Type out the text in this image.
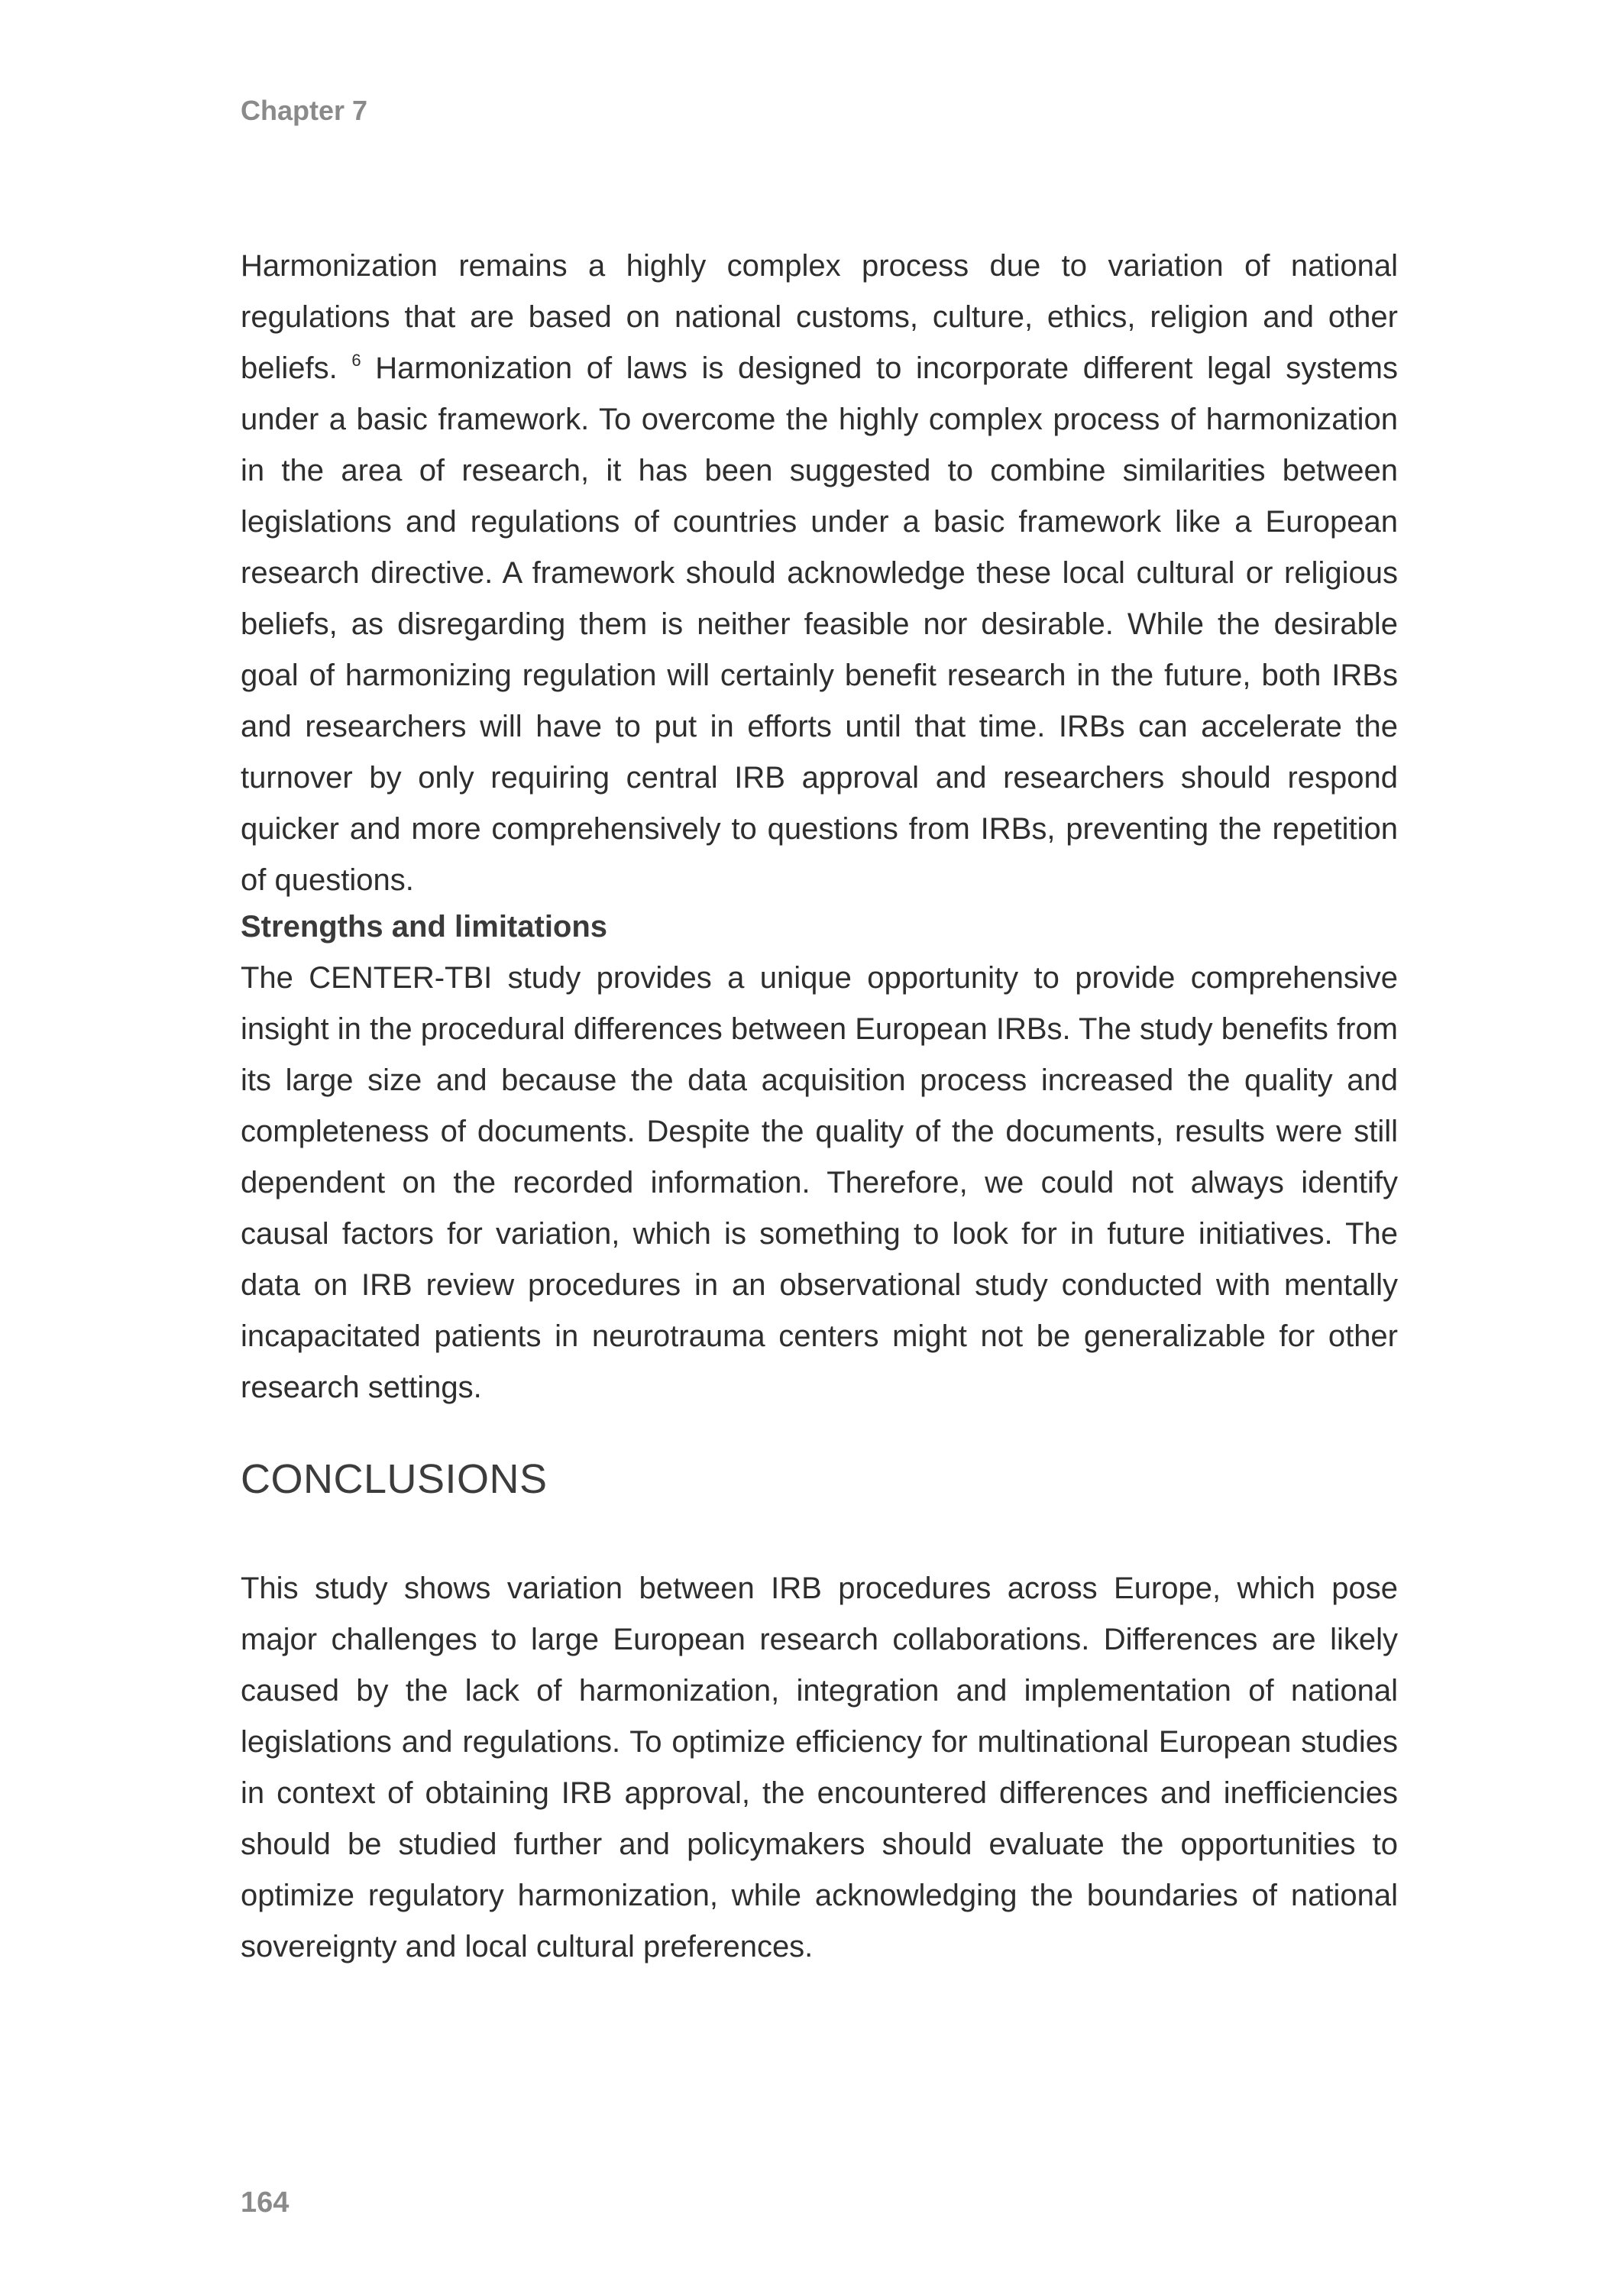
Chapter 7

Harmonization remains a highly complex process due to variation of national regulations that are based on national customs, culture, ethics, religion and other beliefs. $^6$ Harmonization of laws is designed to incorporate different legal systems under a basic framework. To overcome the highly complex process of harmonization in the area of research, it has been suggested to combine similarities between legislations and regulations of countries under a basic framework like a European research directive. A framework should acknowledge these local cultural or religious beliefs, as disregarding them is neither feasible nor desirable. While the desirable goal of harmonizing regulation will certainly benefit research in the future, both IRBs and researchers will have to put in efforts until that time. IRBs can accelerate the turnover by only requiring central IRB approval and researchers should respond quicker and more comprehensively to questions from IRBs, preventing the repetition of questions.

Strengths and limitations

The CENTER-TBI study provides a unique opportunity to provide comprehensive insight in the procedural differences between European IRBs. The study benefits from its large size and because the data acquisition process increased the quality and completeness of documents. Despite the quality of the documents, results were still dependent on the recorded information. Therefore, we could not always identify causal factors for variation, which is something to look for in future initiatives. The data on IRB review procedures in an observational study conducted with mentally incapacitated patients in neurotrauma centers might not be generalizable for other research settings.

CONCLUSIONS

This study shows variation between IRB procedures across Europe, which pose major challenges to large European research collaborations. Differences are likely caused by the lack of harmonization, integration and implementation of national legislations and regulations. To optimize efficiency for multinational European studies in context of obtaining IRB approval, the encountered differences and inefficiencies should be studied further and policymakers should evaluate the opportunities to optimize regulatory harmonization, while acknowledging the boundaries of national sovereignty and local cultural preferences.

164
